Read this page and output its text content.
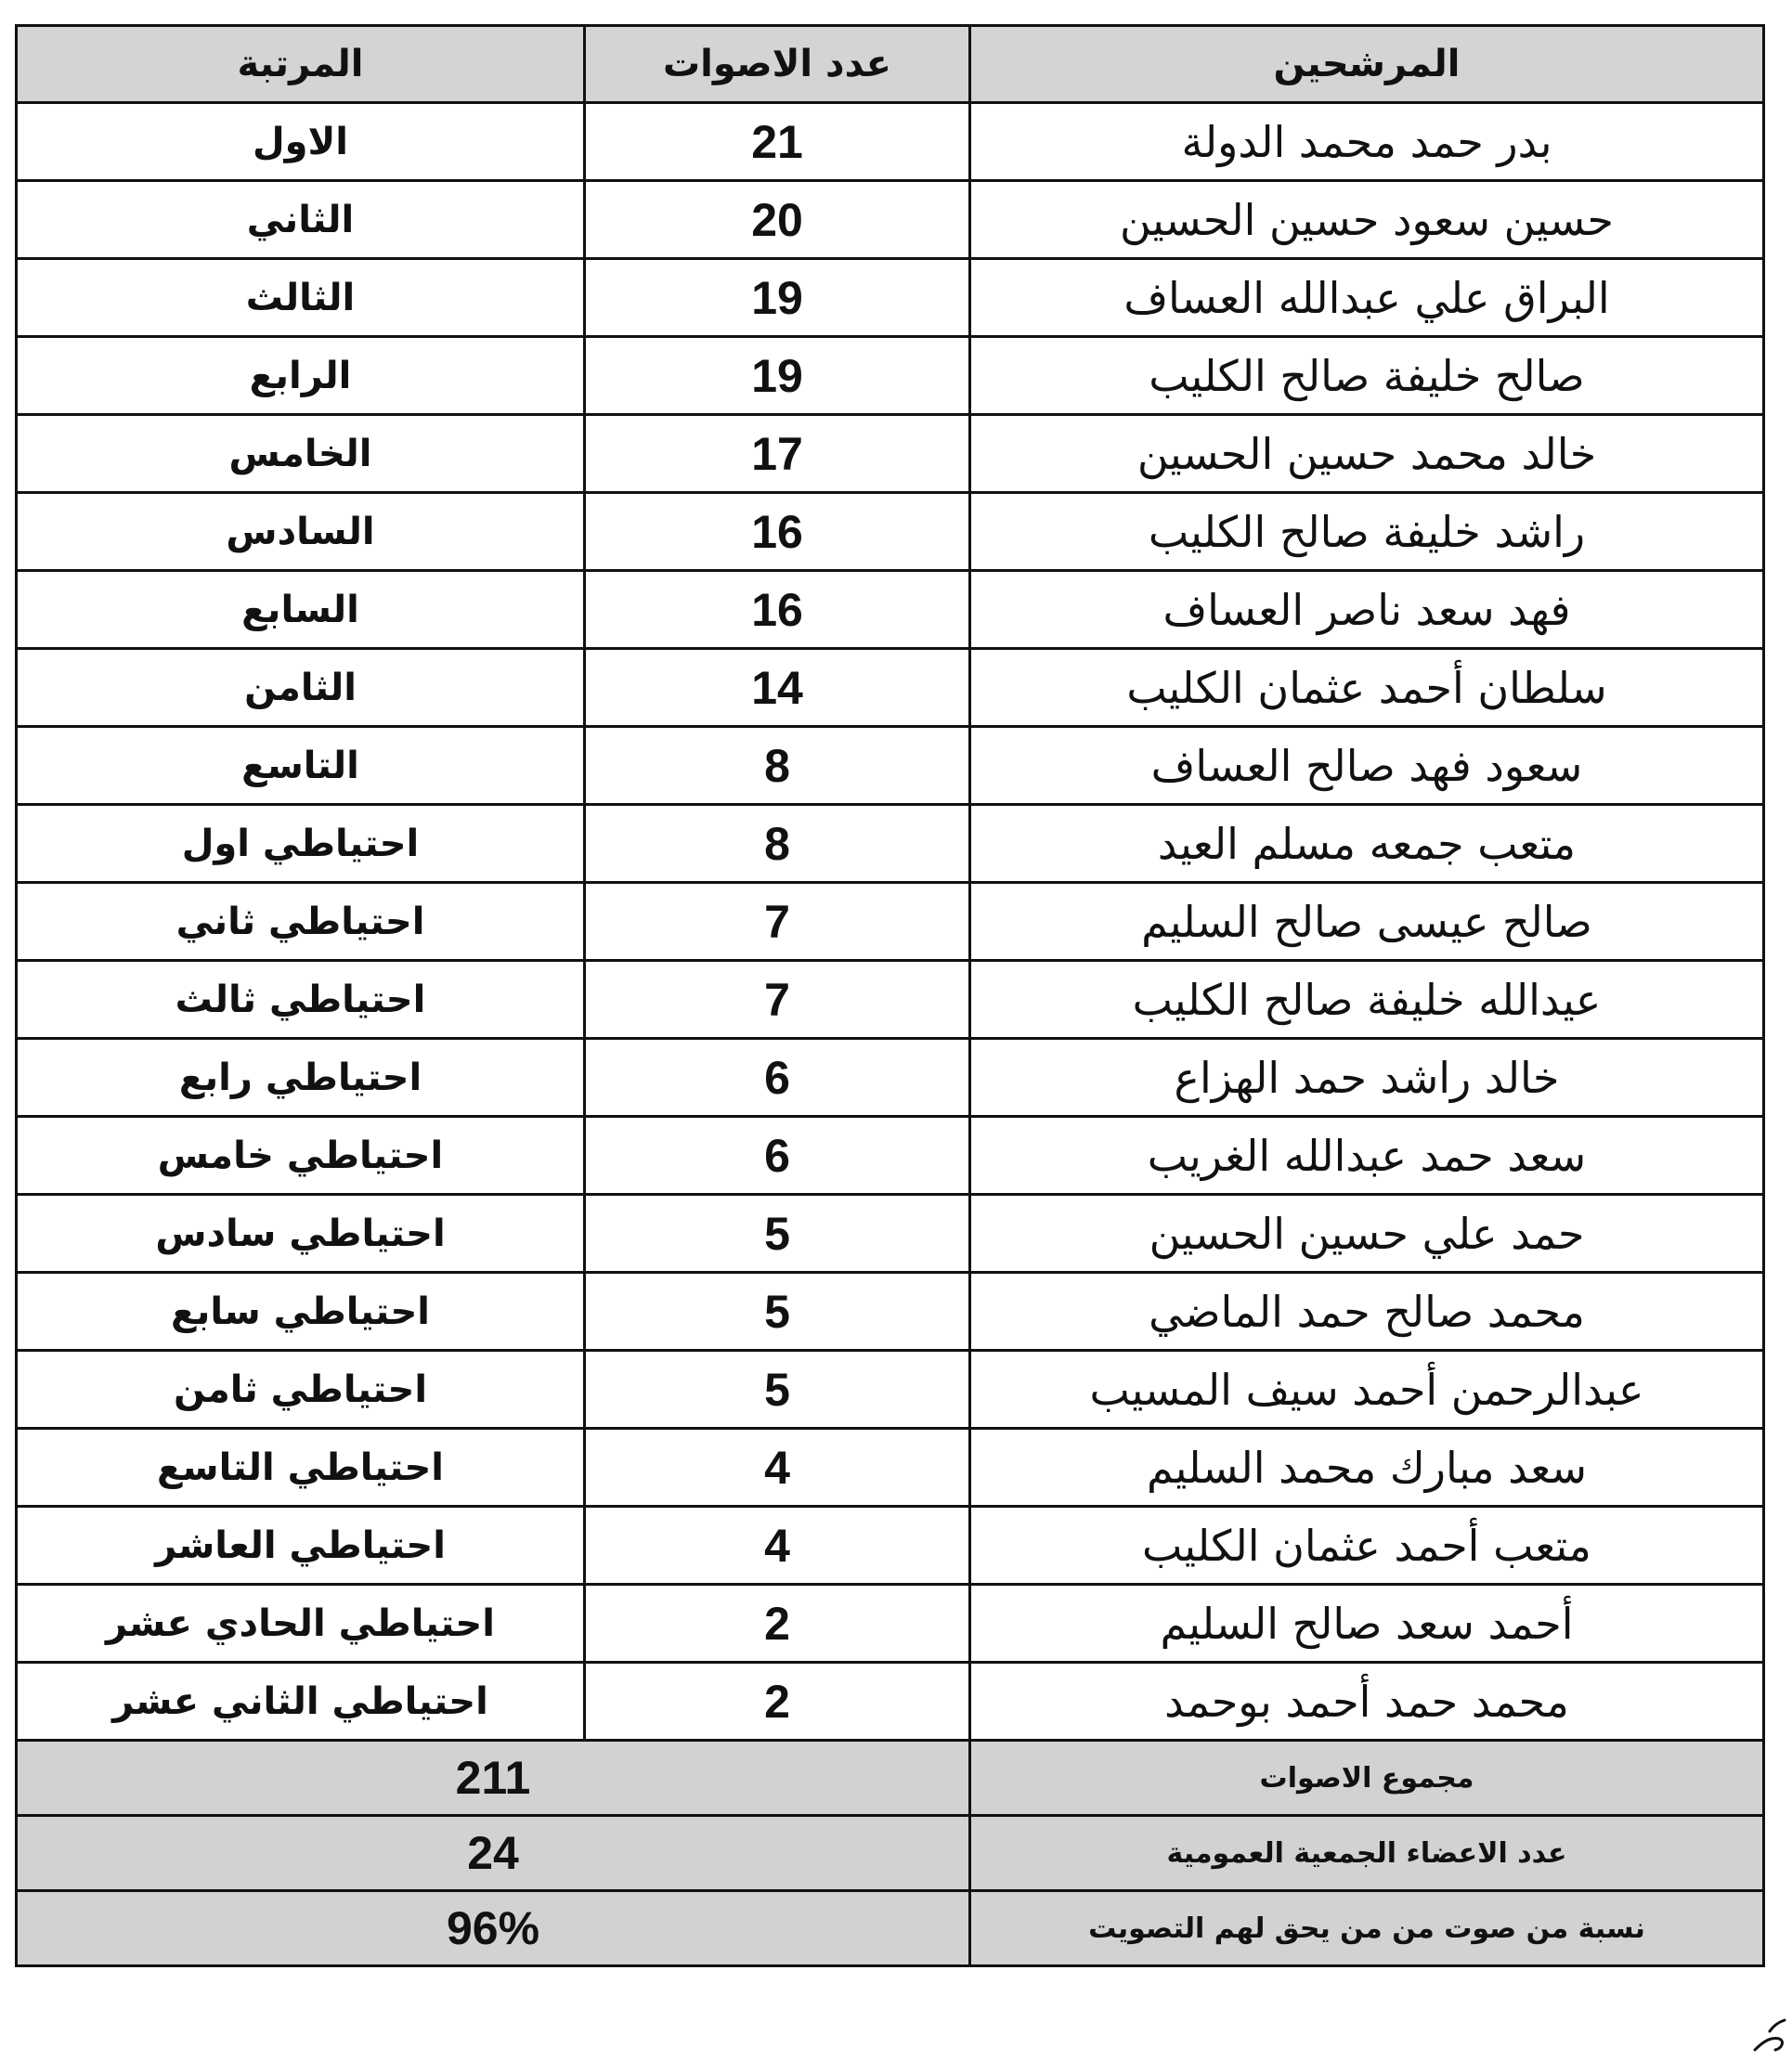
المرشحين	عدد الاصوات	المرتبة
بدر حمد محمد الدولة	21	الاول
حسين سعود حسين الحسين	20	الثاني
البراق علي عبدالله العساف	19	الثالث
صالح خليفة صالح الكليب	19	الرابع
خالد محمد حسين الحسين	17	الخامس
راشد خليفة صالح الكليب	16	السادس
فهد سعد ناصر العساف	16	السابع
سلطان أحمد عثمان الكليب	14	الثامن
سعود فهد صالح العساف	8	التاسع
متعب جمعه مسلم العيد	8	احتياطي اول
صالح عيسى صالح السليم	7	احتياطي ثاني
عيدالله خليفة صالح الكليب	7	احتياطي ثالث
خالد راشد حمد الهزاع	6	احتياطي رابع
سعد حمد عبدالله الغريب	6	احتياطي خامس
حمد علي حسين الحسين	5	احتياطي سادس
محمد صالح حمد الماضي	5	احتياطي سابع
عبدالرحمن أحمد سيف المسيب	5	احتياطي ثامن
سعد مبارك محمد السليم	4	احتياطي التاسع
متعب أحمد عثمان الكليب	4	احتياطي العاشر
أحمد سعد صالح السليم	2	احتياطي الحادي عشر
محمد حمد أحمد بوحمد	2	احتياطي الثاني عشر
مجموع الاصوات	211	
عدد الاعضاء الجمعية العمومية	24	
نسبة من صوت من من يحق لهم التصويت	96%	
